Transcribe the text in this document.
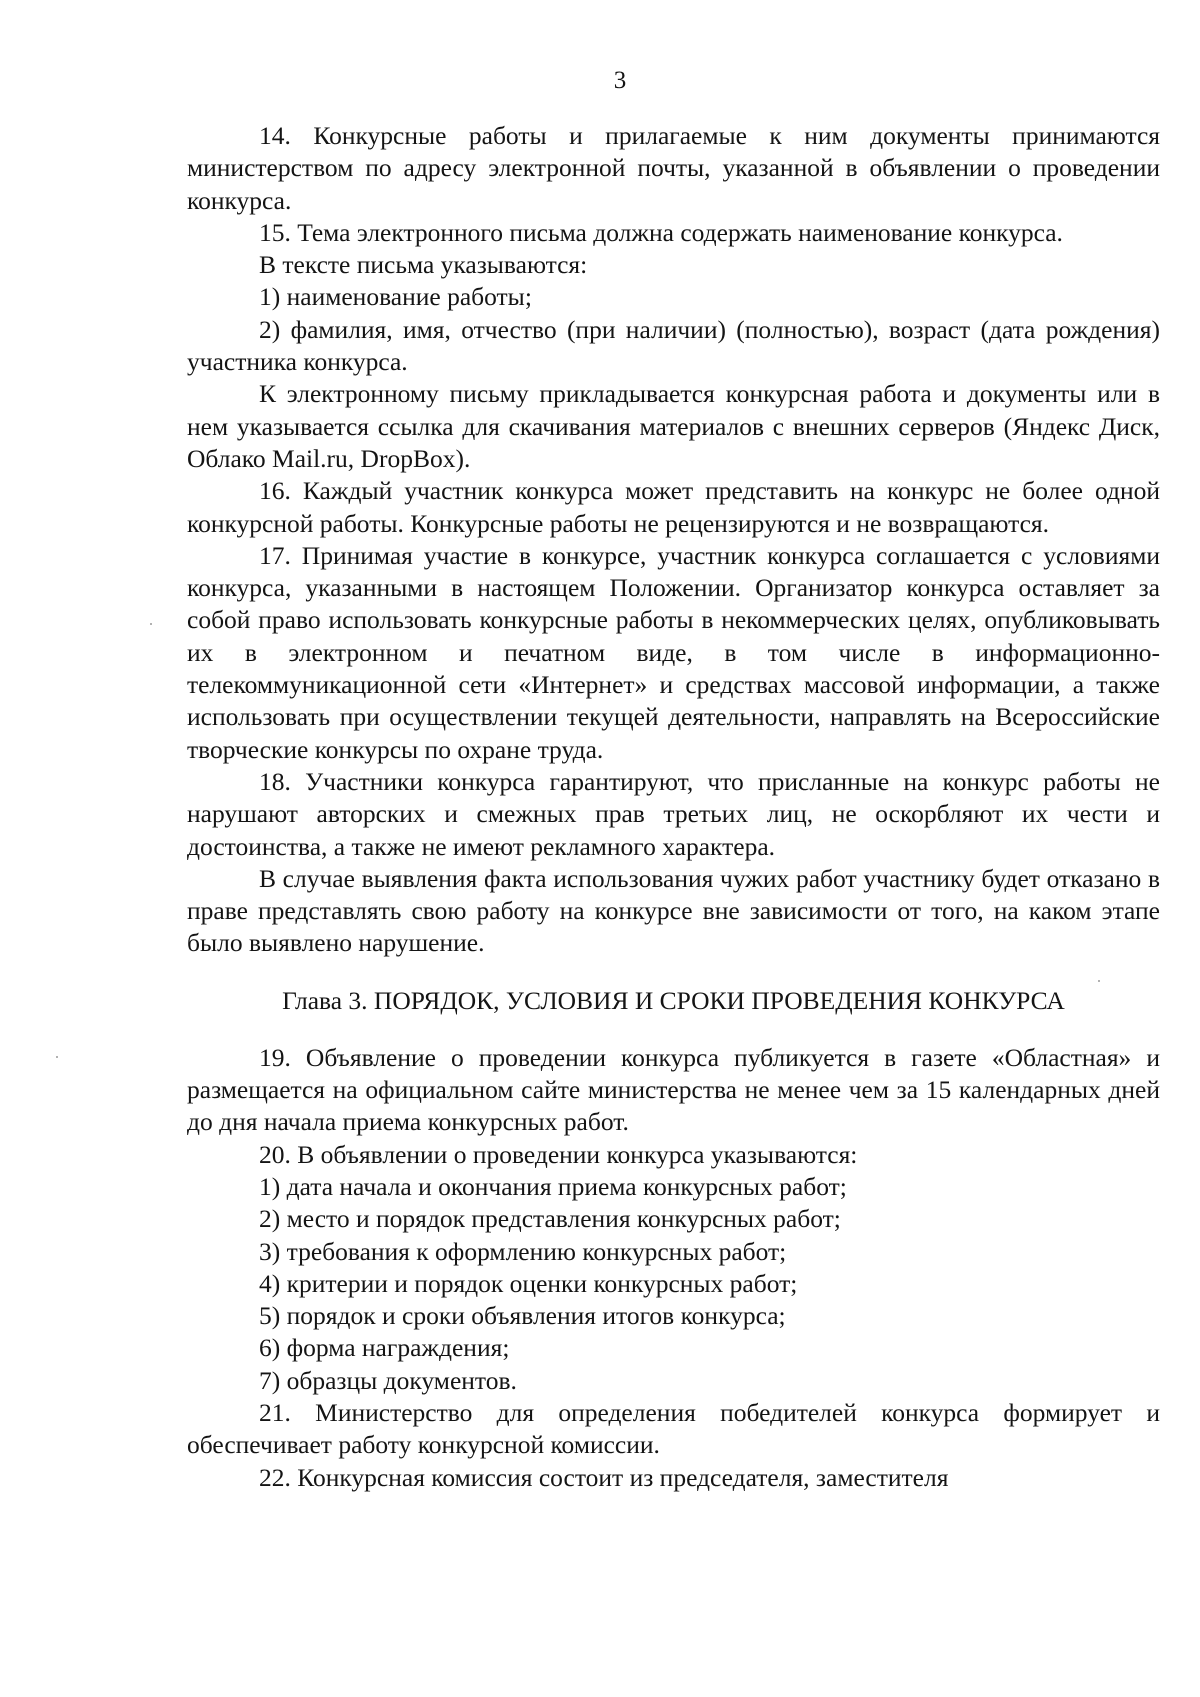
3

14. Конкурсные работы и прилагаемые к ним документы принимаются министерством по адресу электронной почты, указанной в объявлении о проведении конкурса.

15. Тема электронного письма должна содержать наименование конкурса.

В тексте письма указываются:

1) наименование работы;

2) фамилия, имя, отчество (при наличии) (полностью), возраст (дата рождения) участника конкурса.

К электронному письму прикладывается конкурсная работа и документы или в нем указывается ссылка для скачивания материалов с внешних серверов (Яндекс Диск, Облако Mail.ru, DropBox).

16. Каждый участник конкурса может представить на конкурс не более одной конкурсной работы. Конкурсные работы не рецензируются и не возвращаются.

17. Принимая участие в конкурсе, участник конкурса соглашается с условиями конкурса, указанными в настоящем Положении. Организатор конкурса оставляет за собой право использовать конкурсные работы в некоммерческих целях, опубликовывать их в электронном и печатном виде, в том числе в информационно-телекоммуникационной сети «Интернет» и средствах массовой информации, а также использовать при осуществлении текущей деятельности, направлять на Всероссийские творческие конкурсы по охране труда.

18. Участники конкурса гарантируют, что присланные на конкурс работы не нарушают авторских и смежных прав третьих лиц, не оскорбляют их чести и достоинства, а также не имеют рекламного характера.

В случае выявления факта использования чужих работ участнику будет отказано в праве представлять свою работу на конкурсе вне зависимости от того, на каком этапе было выявлено нарушение.

Глава 3. ПОРЯДОК, УСЛОВИЯ И СРОКИ ПРОВЕДЕНИЯ КОНКУРСА

19. Объявление о проведении конкурса публикуется в газете «Областная» и размещается на официальном сайте министерства не менее чем за 15 календарных дней до дня начала приема конкурсных работ.

20. В объявлении о проведении конкурса указываются:

1) дата начала и окончания приема конкурсных работ;

2) место и порядок представления конкурсных работ;

3) требования к оформлению конкурсных работ;

4) критерии и порядок оценки конкурсных работ;

5) порядок и сроки объявления итогов конкурса;

6) форма награждения;

7) образцы документов.

21. Министерство для определения победителей конкурса формирует и обеспечивает работу конкурсной комиссии.

22. Конкурсная комиссия состоит из председателя, заместителя
